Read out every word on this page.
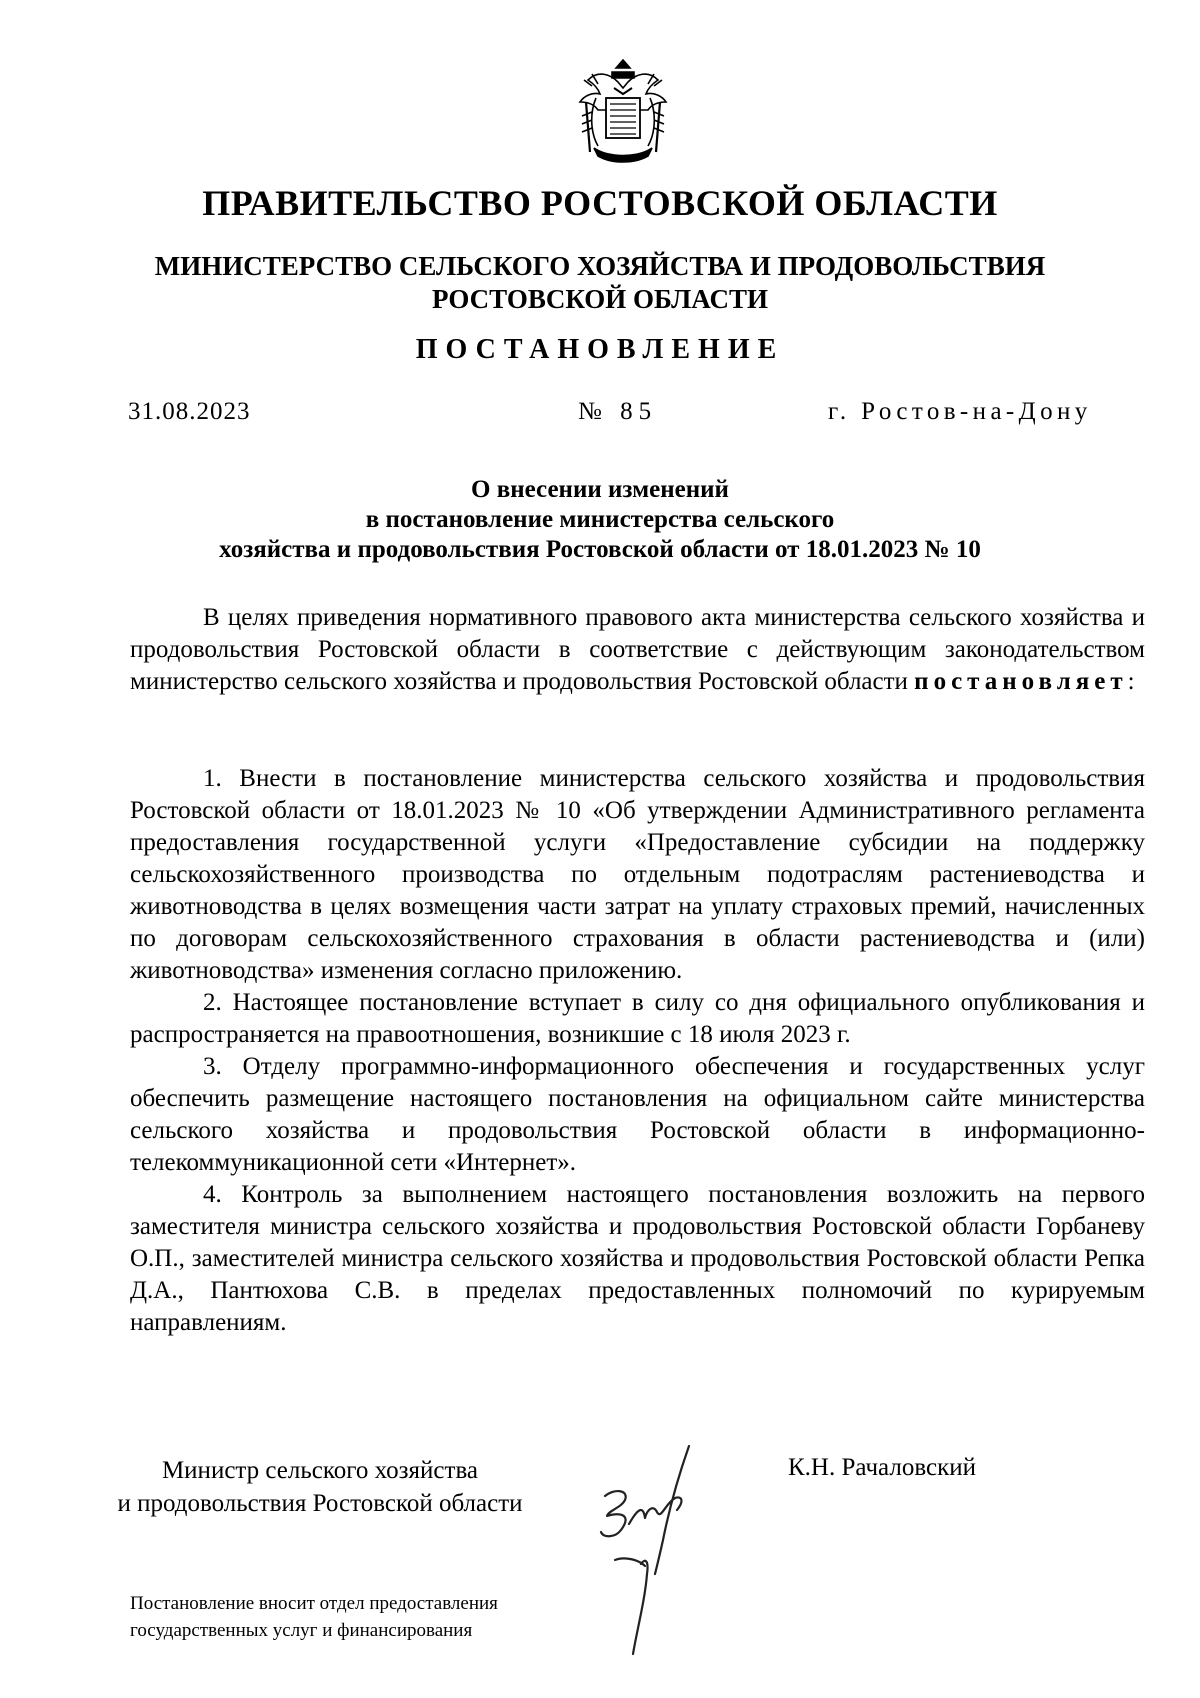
ПРАВИТЕЛЬСТВО РОСТОВСКОЙ ОБЛАСТИ
МИНИСТЕРСТВО СЕЛЬСКОГО ХОЗЯЙСТВА И ПРОДОВОЛЬСТВИЯ
РОСТОВСКОЙ ОБЛАСТИ
ПОСТАНОВЛЕНИЕ
31.08.2023	№ 85	г. Ростов-на-Дону
О внесении изменений
в постановление министерства сельского
хозяйства и продовольствия Ростовской области от 18.01.2023 № 10

В целях приведения нормативного правового акта министерства сельского хозяйства и продовольствия Ростовской области в соответствие с действующим законодательством министерство сельского хозяйства и продовольствия Ростовской области постановляет:

1. Внести в постановление министерства сельского хозяйства и продовольствия Ростовской области от 18.01.2023 № 10 «Об утверждении Административного регламента предоставления государственной услуги «Предоставление субсидии на поддержку сельскохозяйственного производства по отдельным подотраслям растениеводства и животноводства в целях возмещения части затрат на уплату страховых премий, начисленных по договорам сельскохозяйственного страхования в области растениеводства и (или) животноводства» изменения согласно приложению.

2. Настоящее постановление вступает в силу со дня официального опубликования и распространяется на правоотношения, возникшие с 18 июля 2023 г.

3. Отделу программно-информационного обеспечения и государственных услуг обеспечить размещение настоящего постановления на официальном сайте министерства сельского хозяйства и продовольствия Ростовской области в информационно-телекоммуникационной сети «Интернет».

4. Контроль за выполнением настоящего постановления возложить на первого заместителя министра сельского хозяйства и продовольствия Ростовской области Горбаневу О.П., заместителей министра сельского хозяйства и продовольствия Ростовской области Репка Д.А., Пантюхова С.В. в пределах предоставленных полномочий по курируемым направлениям.

Министр сельского хозяйства
и продовольствия Ростовской области
К.Н. Рачаловский
Постановление вносит отдел предоставления
государственных услуг и финансирования
